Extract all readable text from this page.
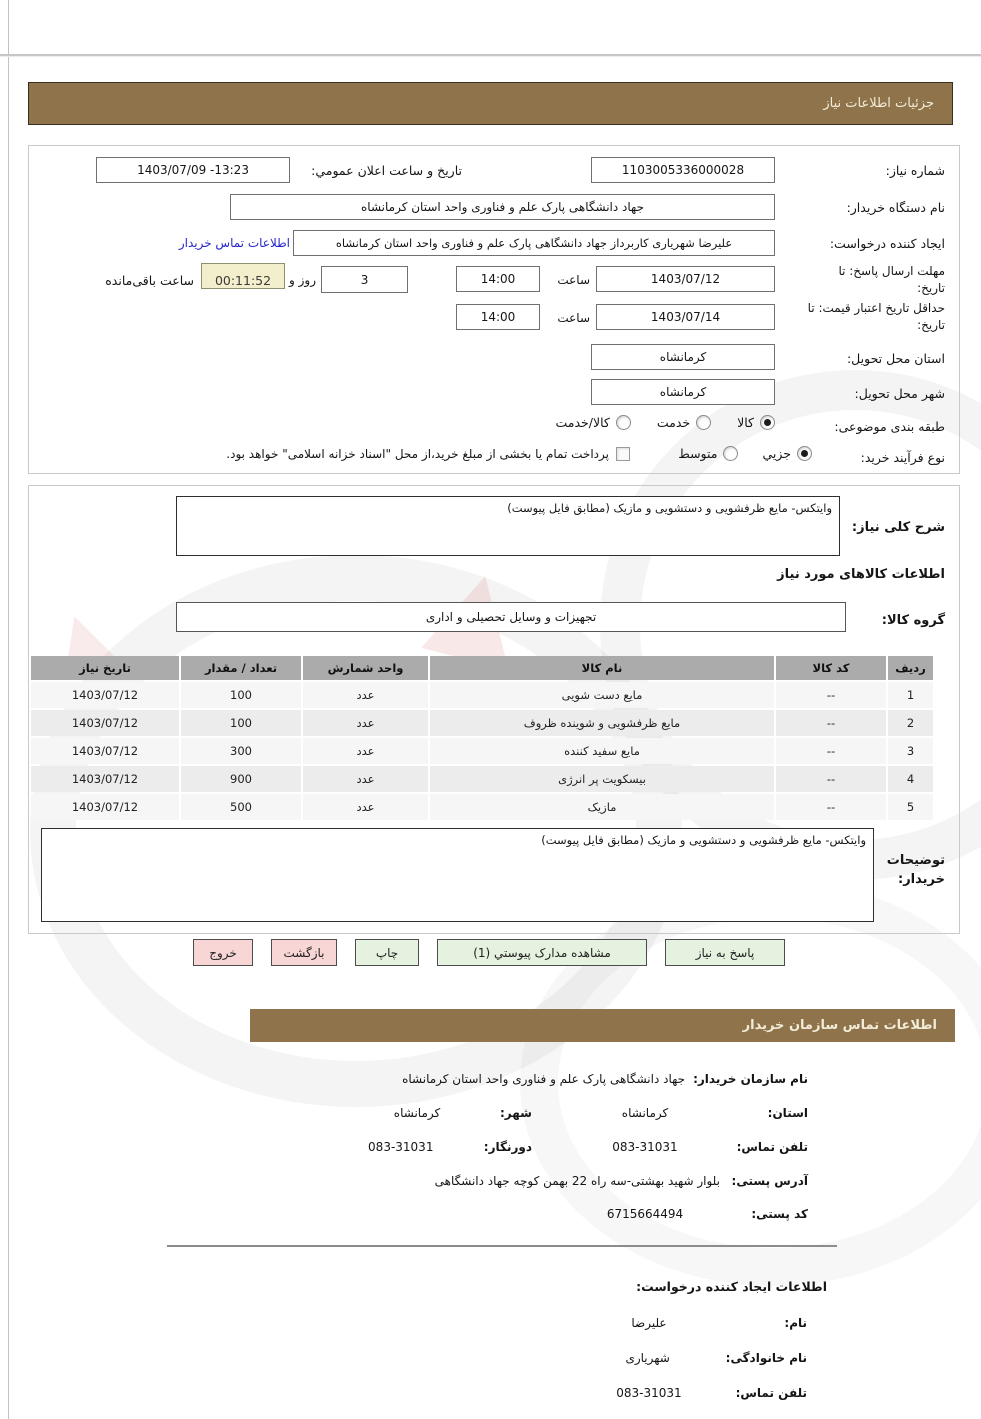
جزئیات اطلاعات نیاز
شماره نیاز:
1103005336000028
تاریخ و ساعت اعلان عمومي:
1403/07/09 -13:23
نام دستگاه خریدار:
جهاد دانشگاهی پارک علم و فناوری واحد استان کرمانشاه
ایجاد کننده درخواست:
علیرضا شهریاری کاربرداز جهاد دانشگاهی پارک علم و فناوری واحد استان کرمانشاه
اطلاعات تماس خریدار
مهلت ارسال پاسخ: تا تاریخ:
1403/07/12
ساعت
14:00
3
روز و
00:11:52
ساعت باقی‌مانده
حداقل تاریخ اعتبار قیمت: تا تاریخ:
1403/07/14
ساعت
14:00
استان محل تحویل:
کرمانشاه
شهر محل تحویل:
کرمانشاه
طبقه بندی موضوعی:
کالا
خدمت
کالا/خدمت
نوع فرآیند خرید:
جزیي
متوسط
پرداخت تمام یا بخشی از مبلغ خرید،از محل "اسناد خزانه اسلامی" خواهد بود.
شرح کلی نیاز:
وایتکس- مایع ظرفشویی و دستشویی و مازیک (مطابق فایل پیوست)
اطلاعات کالاهای مورد نیاز
گروه کالا:
تجهیزات و وسایل تحصیلی و اداری
ردیف	کد کالا	نام کالا	واحد شمارش	تعداد / مقدار	تاریخ نیاز
1	--	مایع دست شویی	عدد	100	1403/07/12
2	--	مایع ظرفشویی و شوینده ظروف	عدد	100	1403/07/12
3	--	مایع سفید کننده	عدد	300	1403/07/12
4	--	بیسکویت پر انرژی	عدد	900	1403/07/12
5	--	مازیک	عدد	500	1403/07/12
توضیحات خریدار:
وایتکس- مایع ظرفشویی و دستشویی و مازیک (مطابق فایل پیوست)
پاسخ به نیاز
مشاهده مدارک پیوستي (1)
چاپ
بازگشت
خروج
اطلاعات تماس سازمان خریدار
نام سازمان خریدار:
جهاد دانشگاهی پارک علم و فناوری واحد استان کرمانشاه
استان:
کرمانشاه
شهر:
کرمانشاه
تلفن تماس:
083-31031
دورنگار:
083-31031
آدرس پستی:
بلوار شهید بهشتی-سه راه 22 بهمن کوچه جهاد دانشگاهی
کد پستی:
6715664494
اطلاعات ایجاد کننده درخواست:
نام:
علیرضا
نام خانوادگی:
شهریاری
تلفن تماس:
083-31031
